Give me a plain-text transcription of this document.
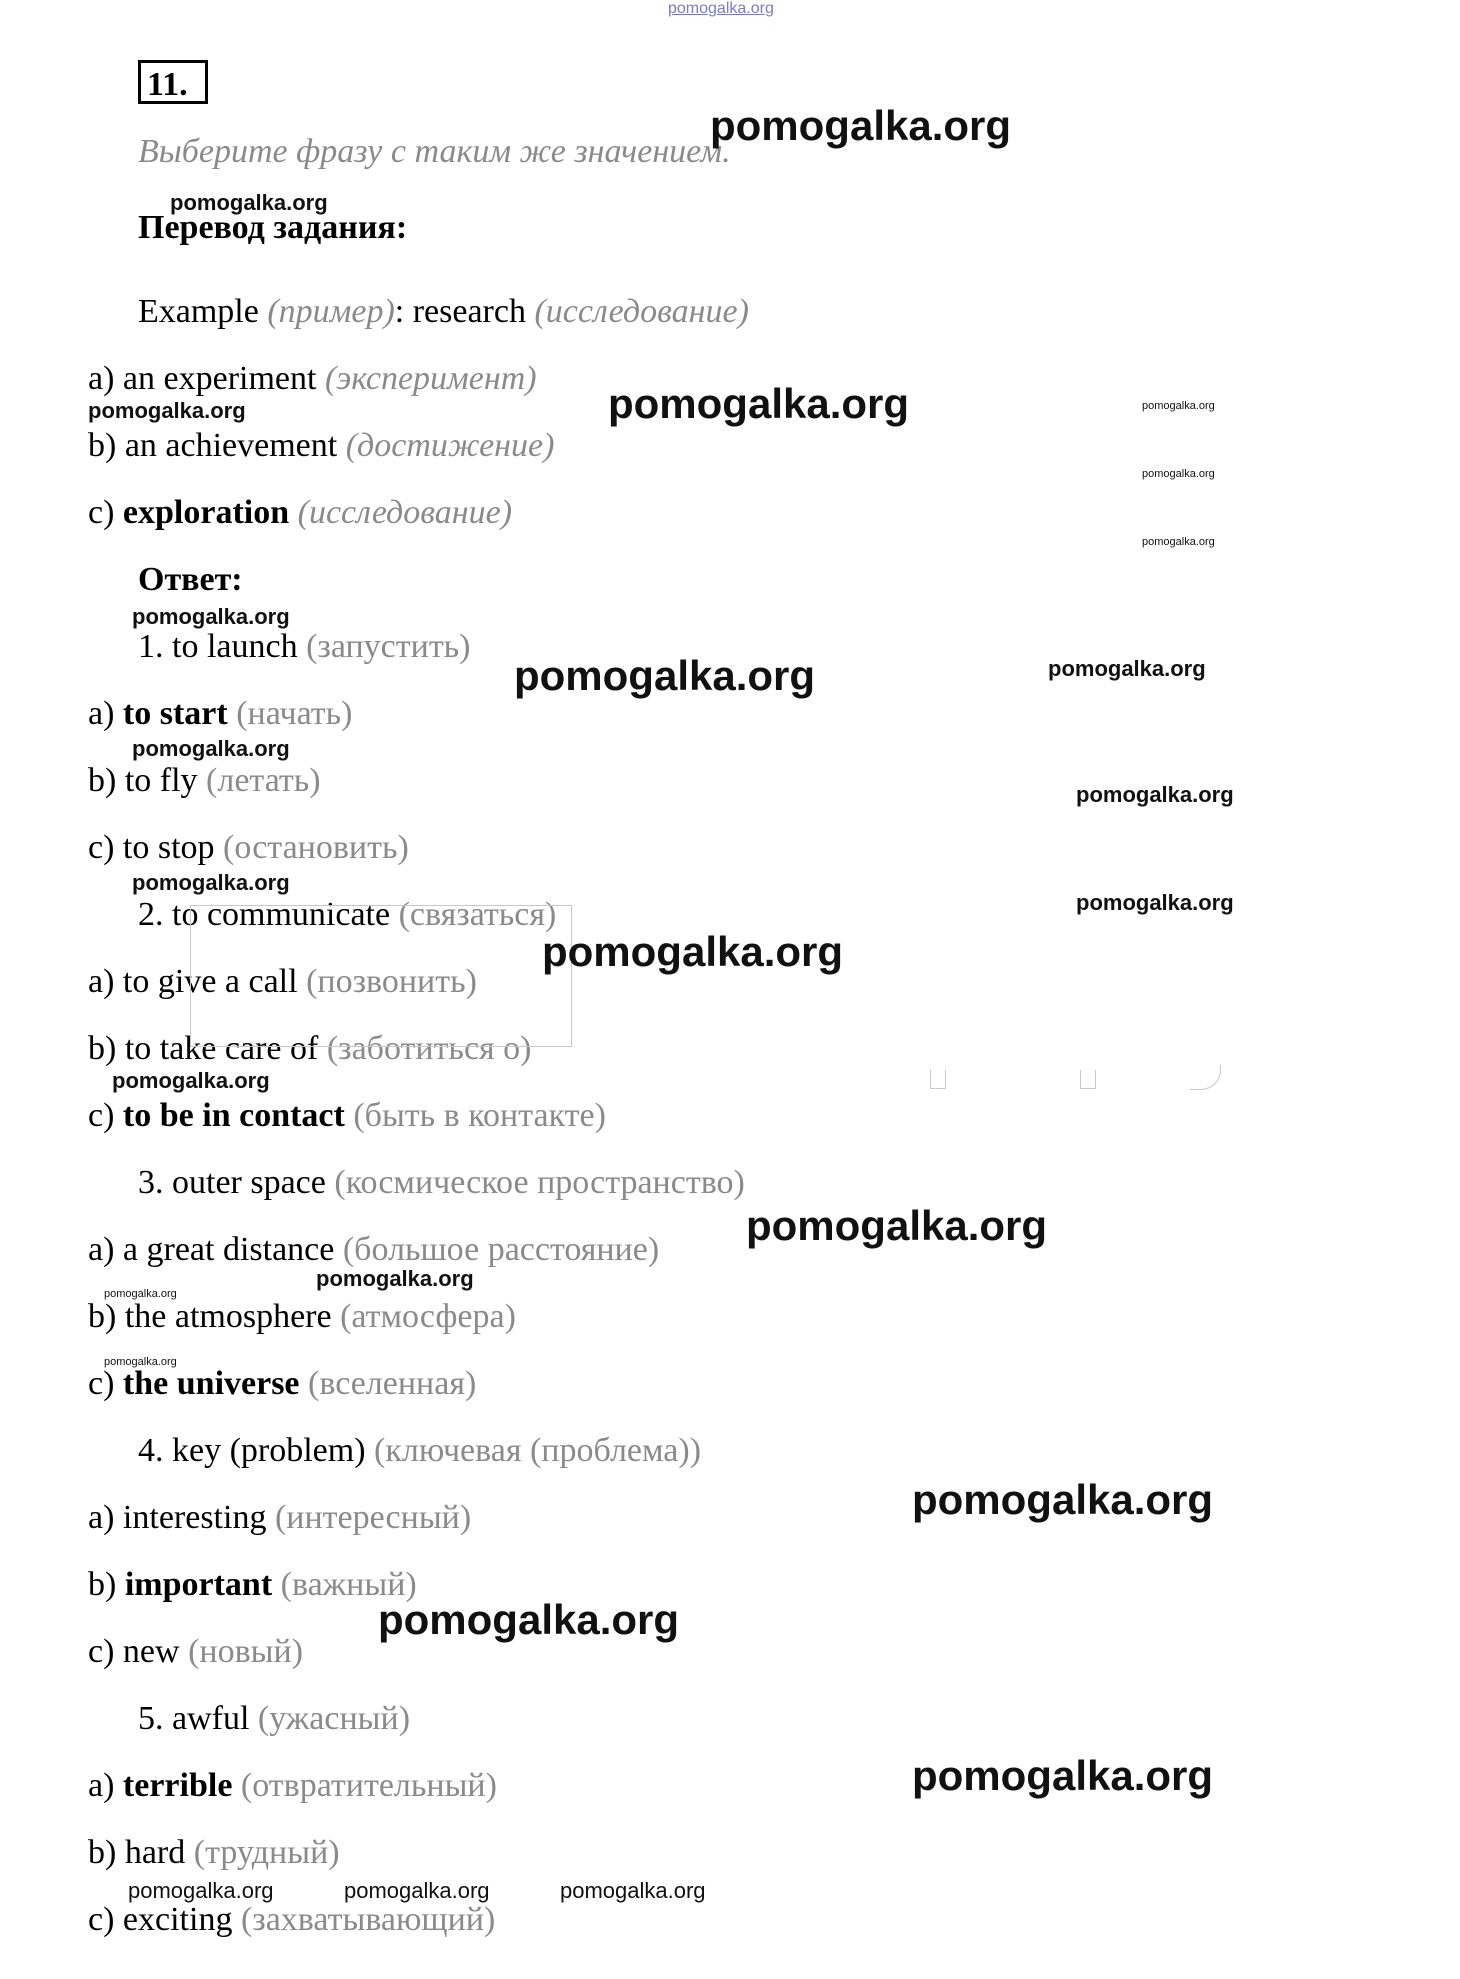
pomogalka.org
11.
Выберите фразу с таким же значением.
Перевод задания:
Example (пример): research (исследование)
a) an experiment (эксперимент)
b) an achievement (достижение)
c) exploration (исследование)
Ответ:
1. to launch (запустить)
a) to start (начать)
b) to fly (летать)
c) to stop (остановить)
2. to communicate (связаться)
a) to give a call (позвонить)
b) to take care of (заботиться о)
c) to be in contact (быть в контакте)
3. outer space (космическое пространство)
a) a great distance (большое расстояние)
b) the atmosphere (атмосфера)
c) the universe (вселенная)
4. key (problem) (ключевая (проблема))
a) interesting (интересный)
b) important (важный)
c) new (новый)
5. awful (ужасный)
a) terrible (отвратительный)
b) hard (трудный)
c) exciting (захватывающий)
pomogalka.org
pomogalka.org
pomogalka.org
pomogalka.org	pomogalka.org
pomogalka.org
pomogalka.org
pomogalka.org
pomogalka.org	pomogalka.org
pomogalka.org
pomogalka.org
pomogalka.org
pomogalka.org
pomogalka.org
pomogalka.org
pomogalka.org
pomogalka.org
pomogalka.org
pomogalka.org
pomogalka.org
pomogalka.org
pomogalka.org
pomogalka.org	pomogalka.org	pomogalka.org
